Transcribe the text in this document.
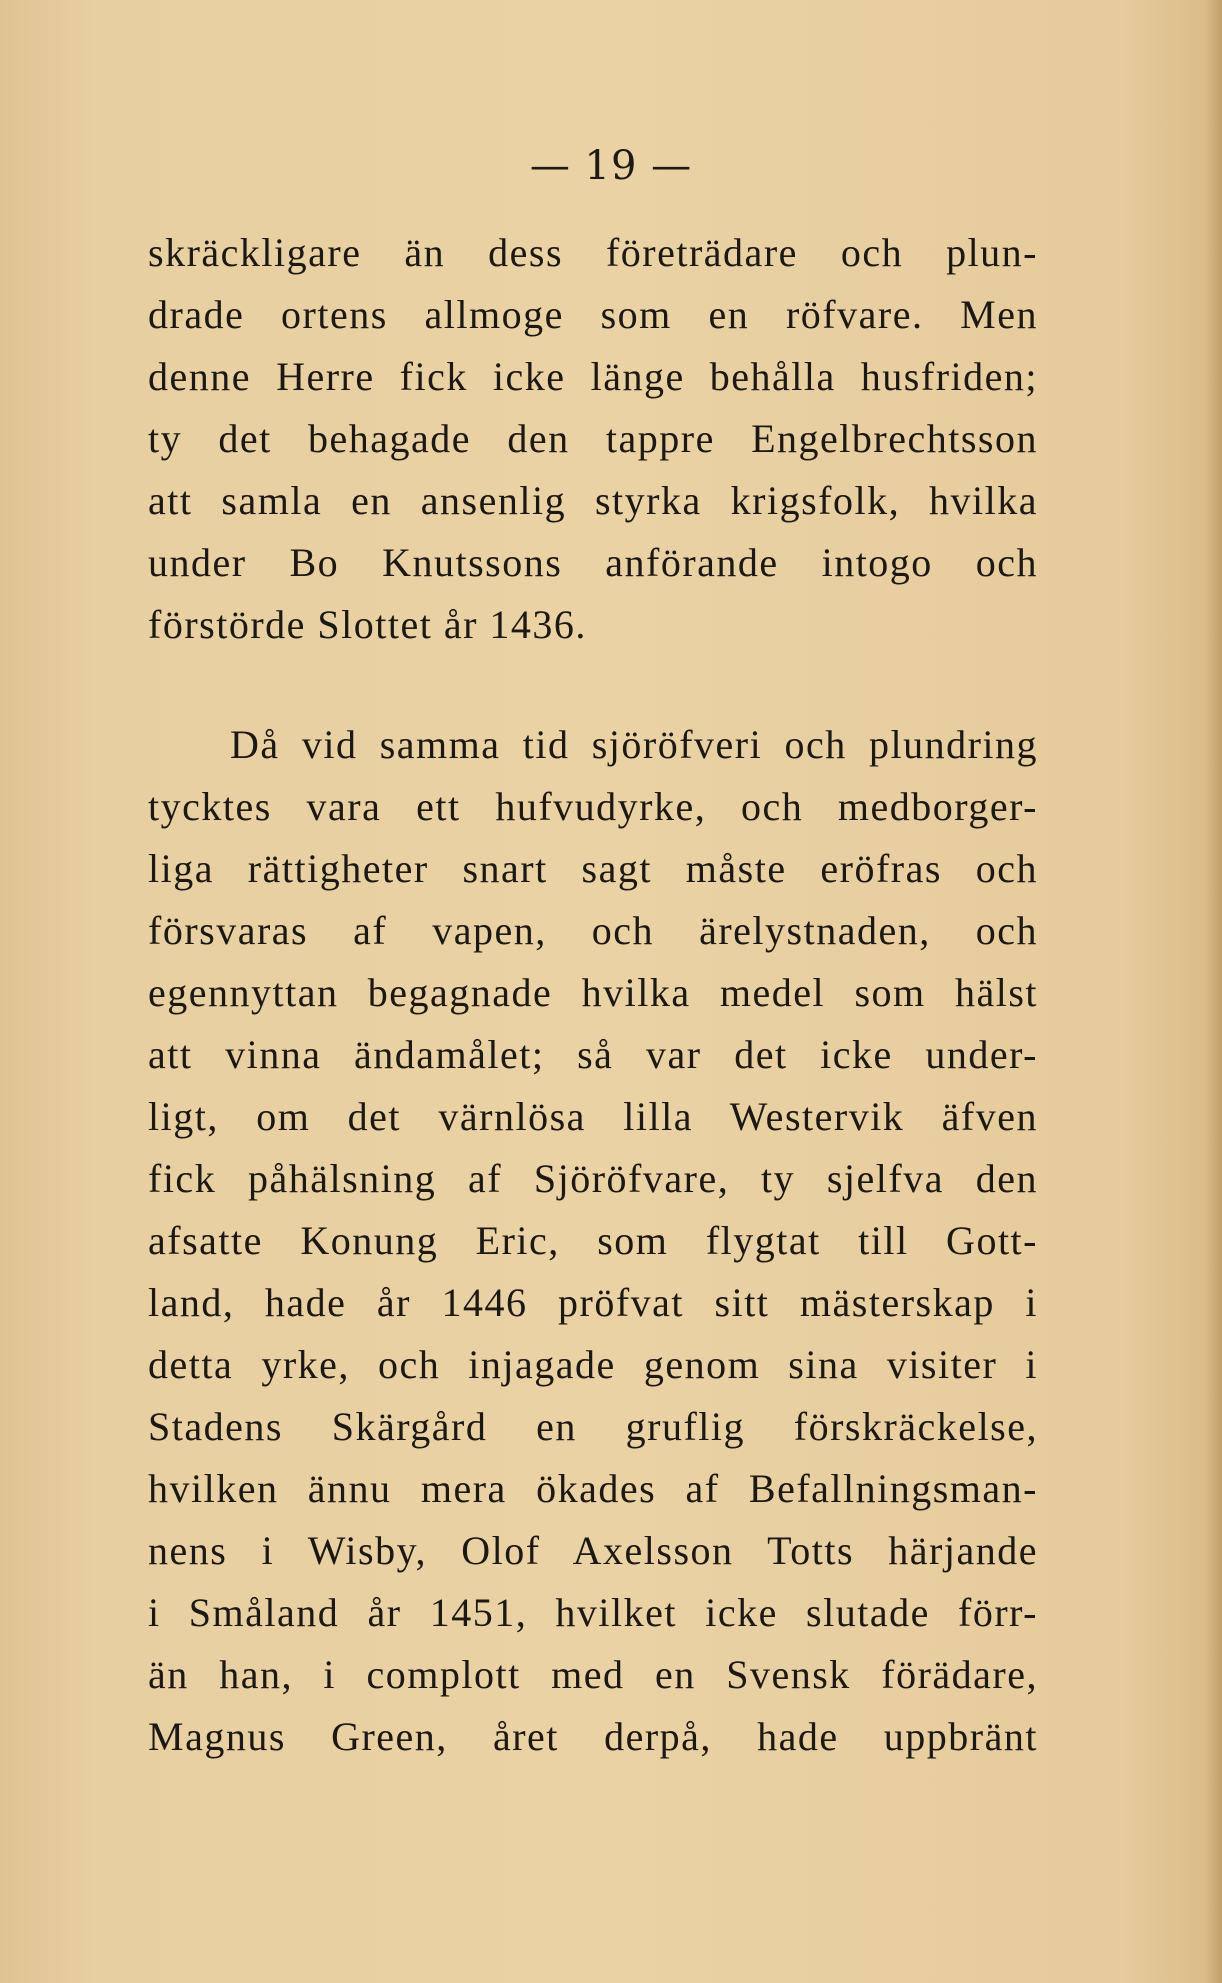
— 19 —
skräckligare än dess företrädare och plun-
drade ortens allmoge som en röfvare. Men
denne Herre fick icke länge behålla husfriden;
ty det behagade den tappre Engelbrechtsson
att samla en ansenlig styrka krigsfolk, hvilka
under Bo Knutssons anförande intogo och
förstörde Slottet år 1436.
Då vid samma tid sjöröfveri och plundring
tycktes vara ett hufvudyrke, och medborger-
liga rättigheter snart sagt måste eröfras och
försvaras af vapen, och ärelystnaden, och
egennyttan begagnade hvilka medel som hälst
att vinna ändamålet; så var det icke under-
ligt, om det värnlösa lilla Westervik äfven
fick påhälsning af Sjöröfvare, ty sjelfva den
afsatte Konung Eric, som flygtat till Gott-
land, hade år 1446 pröfvat sitt mästerskap i
detta yrke, och injagade genom sina visiter i
Stadens Skärgård en gruflig förskräckelse,
hvilken ännu mera ökades af Befallningsman-
nens i Wisby, Olof Axelsson Totts härjande
i Småland år 1451, hvilket icke slutade förr-
än han, i complott med en Svensk förädare,
Magnus Green, året derpå, hade uppbränt
